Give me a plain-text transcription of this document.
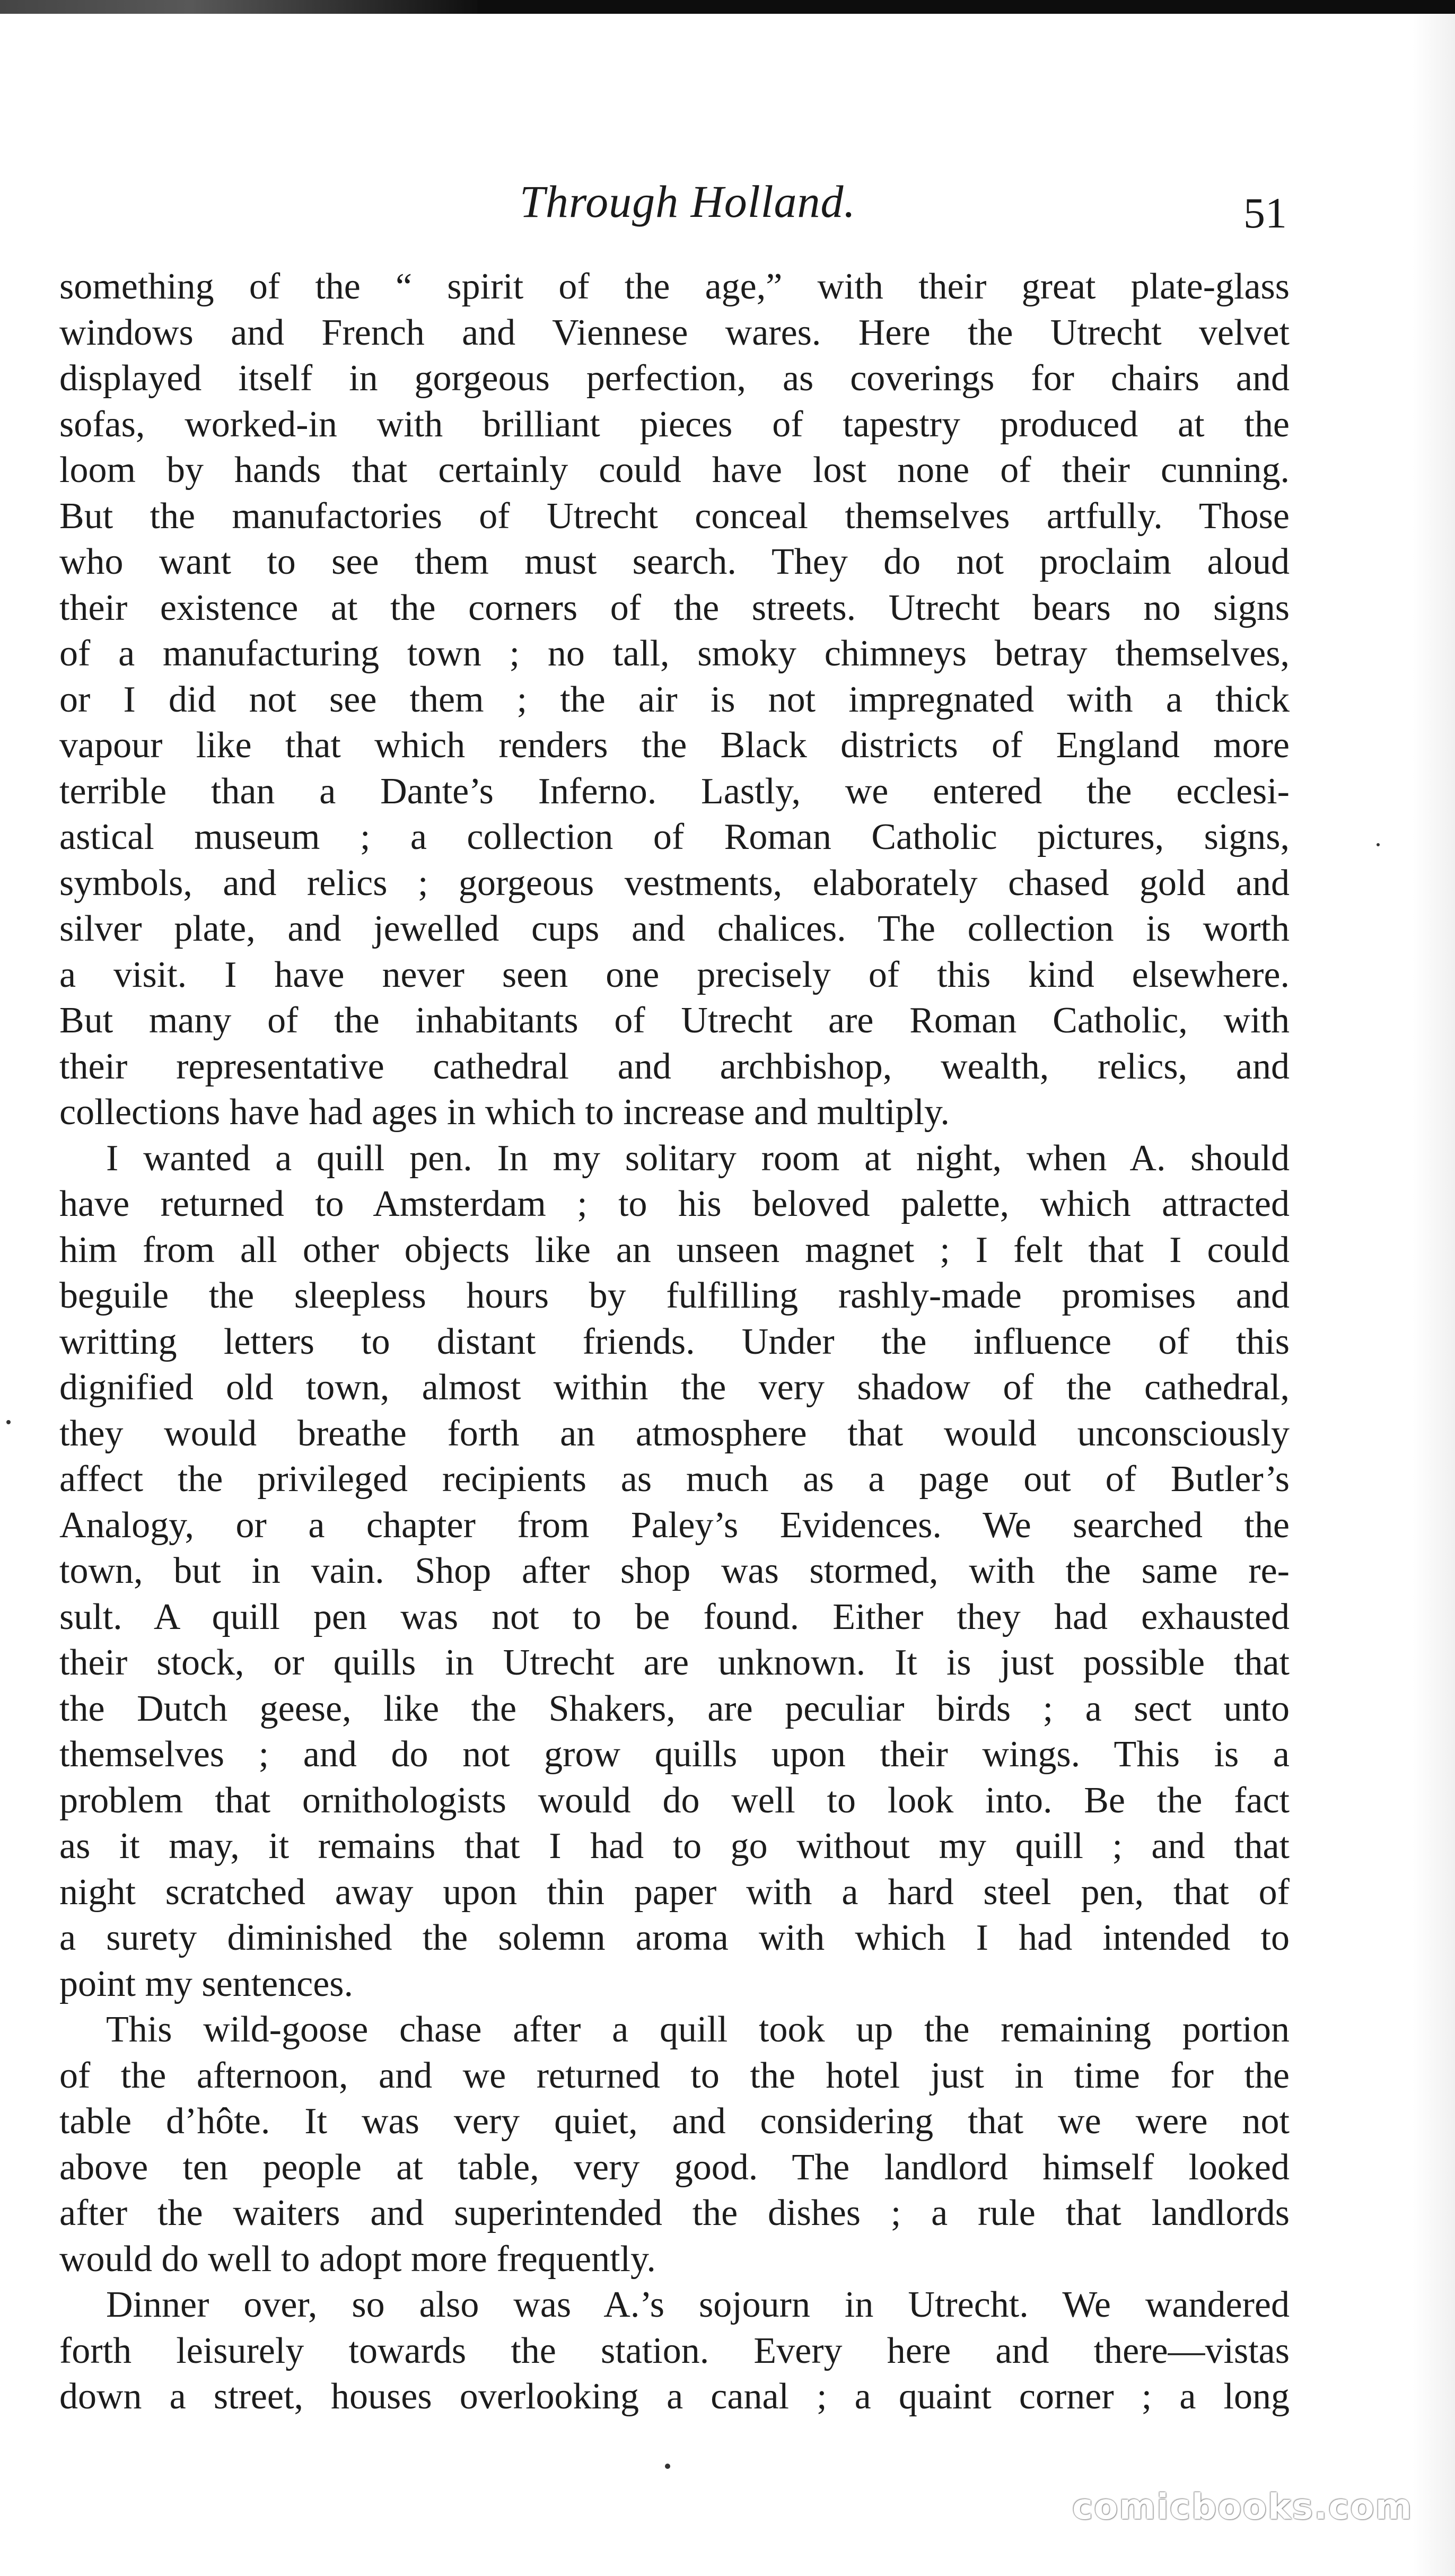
Through Holland.	51
something of the “ spirit of the age,” with their great plate-glass
windows and French and Viennese wares. Here the Utrecht velvet
displayed itself in gorgeous perfection, as coverings for chairs and
sofas, worked-in with brilliant pieces of tapestry produced at the
loom by hands that certainly could have lost none of their cunning.
But the manufactories of Utrecht conceal themselves artfully. Those
who want to see them must search. They do not proclaim aloud
their existence at the corners of the streets. Utrecht bears no signs
of a manufacturing town ; no tall, smoky chimneys betray themselves,
or I did not see them ; the air is not impregnated with a thick
vapour like that which renders the Black districts of England more
terrible than a Dante’s Inferno. Lastly, we entered the ecclesi-
astical museum ; a collection of Roman Catholic pictures, signs,
symbols, and relics ; gorgeous vestments, elaborately chased gold and
silver plate, and jewelled cups and chalices. The collection is worth
a visit. I have never seen one precisely of this kind elsewhere.
But many of the inhabitants of Utrecht are Roman Catholic, with
their representative cathedral and archbishop, wealth, relics, and
collections have had ages in which to increase and multiply.
I wanted a quill pen. In my solitary room at night, when A. should
have returned to Amsterdam ; to his beloved palette, which attracted
him from all other objects like an unseen magnet ; I felt that I could
beguile the sleepless hours by fulfilling rashly-made promises and
writting letters to distant friends. Under the influence of this
dignified old town, almost within the very shadow of the cathedral,
they would breathe forth an atmosphere that would unconsciously
affect the privileged recipients as much as a page out of Butler’s
Analogy, or a chapter from Paley’s Evidences. We searched the
town, but in vain. Shop after shop was stormed, with the same re-
sult. A quill pen was not to be found. Either they had exhausted
their stock, or quills in Utrecht are unknown. It is just possible that
the Dutch geese, like the Shakers, are peculiar birds ; a sect unto
themselves ; and do not grow quills upon their wings. This is a
problem that ornithologists would do well to look into. Be the fact
as it may, it remains that I had to go without my quill ; and that
night scratched away upon thin paper with a hard steel pen, that of
a surety diminished the solemn aroma with which I had intended to
point my sentences.
This wild-goose chase after a quill took up the remaining portion
of the afternoon, and we returned to the hotel just in time for the
table d’hôte. It was very quiet, and considering that we were not
above ten people at table, very good. The landlord himself looked
after the waiters and superintended the dishes ; a rule that landlords
would do well to adopt more frequently.
Dinner over, so also was A.’s sojourn in Utrecht. We wandered
forth leisurely towards the station. Every here and there—vistas
down a street, houses overlooking a canal ; a quaint corner ; a long
comicbooks.com
